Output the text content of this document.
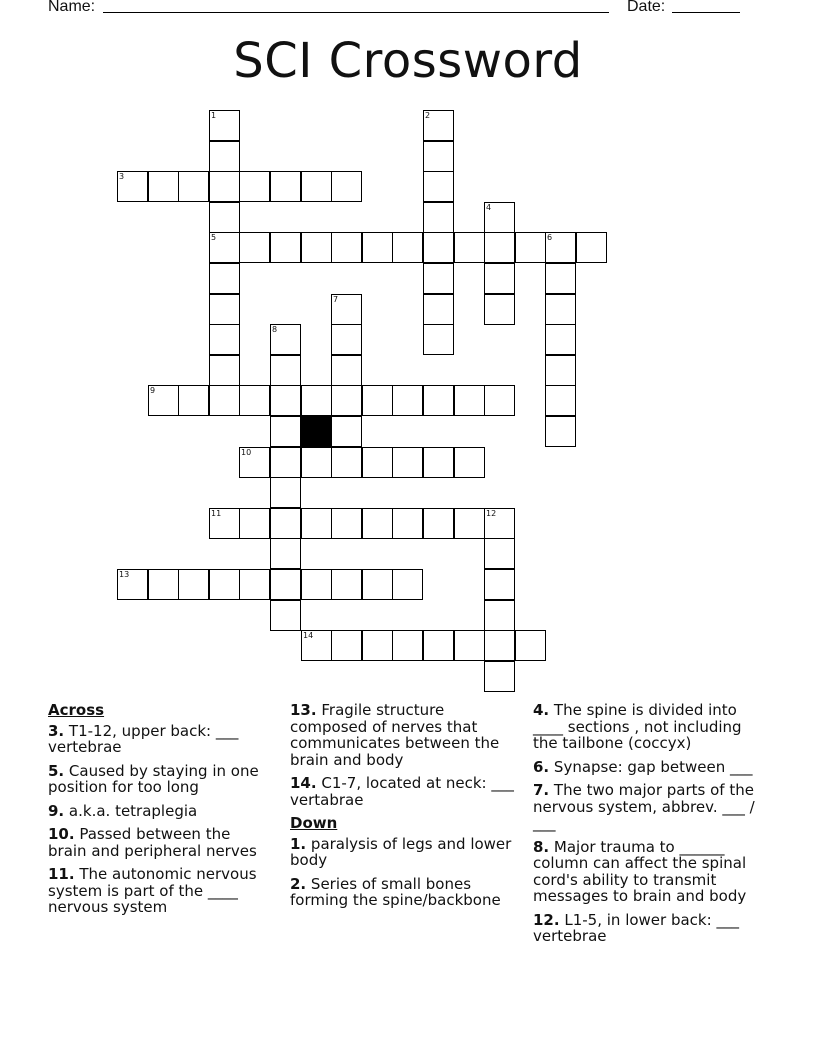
Name:	Date:
SCI Crossword
1
5
2
3
4
6
7
8
9
10
11	12
13
14
Across
3. T1-12, upper back: ___ vertebrae
5. Caused by staying in one position for too long
9. a.k.a. tetraplegia
10. Passed between the brain and peripheral nerves
11. The autonomic nervous system is part of the ____ nervous system
13. Fragile structure composed of nerves that communicates between the brain and body
14. C1-7, located at neck: ___ vertabrae
Down
1. paralysis of legs and lower body
2. Series of small bones forming the spine/backbone
4. The spine is divided into ____ sections , not including the tailbone (coccyx)
6. Synapse: gap between ___
7. The two major parts of the nervous system, abbrev. ___ / ___
8. Major trauma to ______ column can affect the spinal cord's ability to transmit messages to brain and body
12. L1-5, in lower back: ___ vertebrae
